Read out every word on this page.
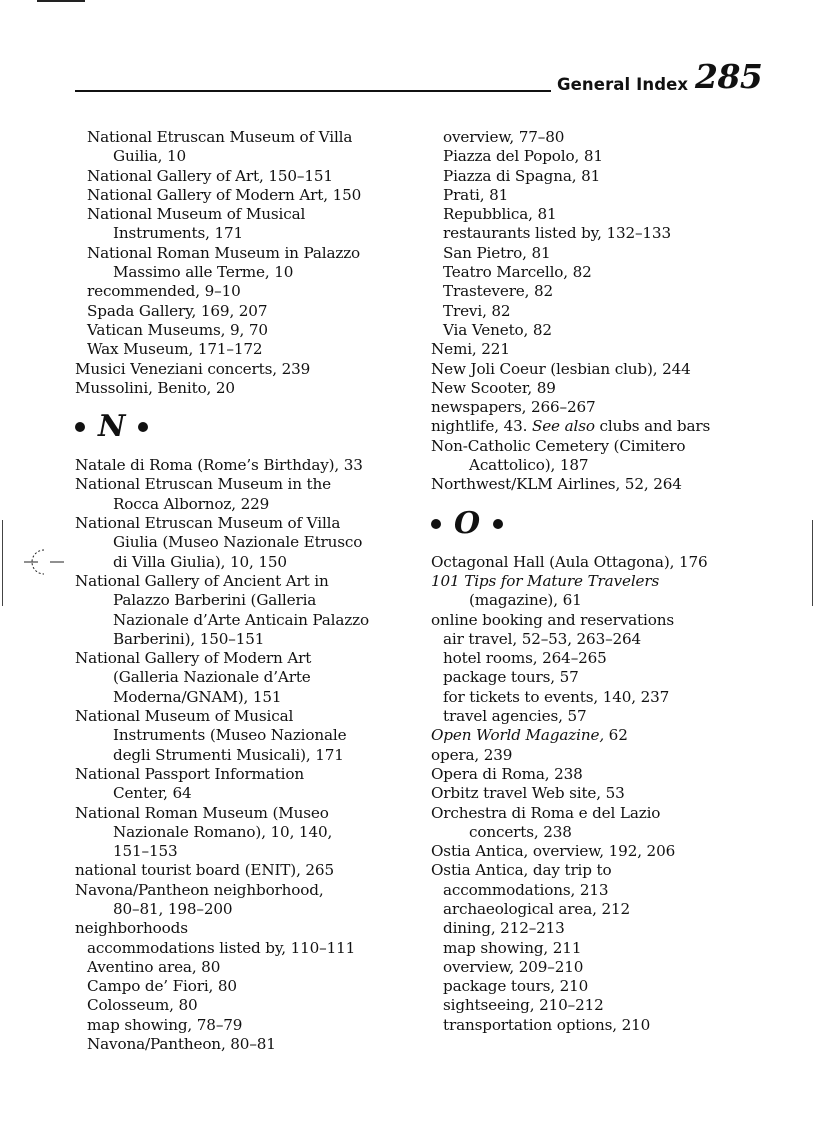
General Index 285
National Etruscan Museum of Villa
Guilia, 10
National Gallery of Art, 150–151
National Gallery of Modern Art, 150
National Museum of Musical
Instruments, 171
National Roman Museum in Palazzo
Massimo alle Terme, 10
recommended, 9–10
Spada Gallery, 169, 207
Vatican Museums, 9, 70
Wax Museum, 171–172
Musici Veneziani concerts, 239
Mussolini, Benito, 20
N
Natale di Roma (Rome’s Birthday), 33
National Etruscan Museum in the
Rocca Albornoz, 229
National Etruscan Museum of Villa
Giulia (Museo Nazionale Etrusco
di Villa Giulia), 10, 150
National Gallery of Ancient Art in
Palazzo Barberini (Galleria
Nazionale d’Arte Anticain Palazzo
Barberini), 150–151
National Gallery of Modern Art
(Galleria Nazionale d’Arte
Moderna/GNAM), 151
National Museum of Musical
Instruments (Museo Nazionale
degli Strumenti Musicali), 171
National Passport Information
Center, 64
National Roman Museum (Museo
Nazionale Romano), 10, 140,
151–153
national tourist board (ENIT), 265
Navona/Pantheon neighborhood,
80–81, 198–200
neighborhoods
accommodations listed by, 110–111
Aventino area, 80
Campo de’ Fiori, 80
Colosseum, 80
map showing, 78–79
Navona/Pantheon, 80–81
overview, 77–80
Piazza del Popolo, 81
Piazza di Spagna, 81
Prati, 81
Repubblica, 81
restaurants listed by, 132–133
San Pietro, 81
Teatro Marcello, 82
Trastevere, 82
Trevi, 82
Via Veneto, 82
Nemi, 221
New Joli Coeur (lesbian club), 244
New Scooter, 89
newspapers, 266–267
nightlife, 43. See also clubs and bars
Non-Catholic Cemetery (Cimitero
Acattolico), 187
Northwest/KLM Airlines, 52, 264
O
Octagonal Hall (Aula Ottagona), 176
101 Tips for Mature Travelers
(magazine), 61
online booking and reservations
air travel, 52–53, 263–264
hotel rooms, 264–265
package tours, 57
for tickets to events, 140, 237
travel agencies, 57
Open World Magazine, 62
opera, 239
Opera di Roma, 238
Orbitz travel Web site, 53
Orchestra di Roma e del Lazio
concerts, 238
Ostia Antica, overview, 192, 206
Ostia Antica, day trip to
accommodations, 213
archaeological area, 212
dining, 212–213
map showing, 211
overview, 209–210
package tours, 210
sightseeing, 210–212
transportation options, 210
